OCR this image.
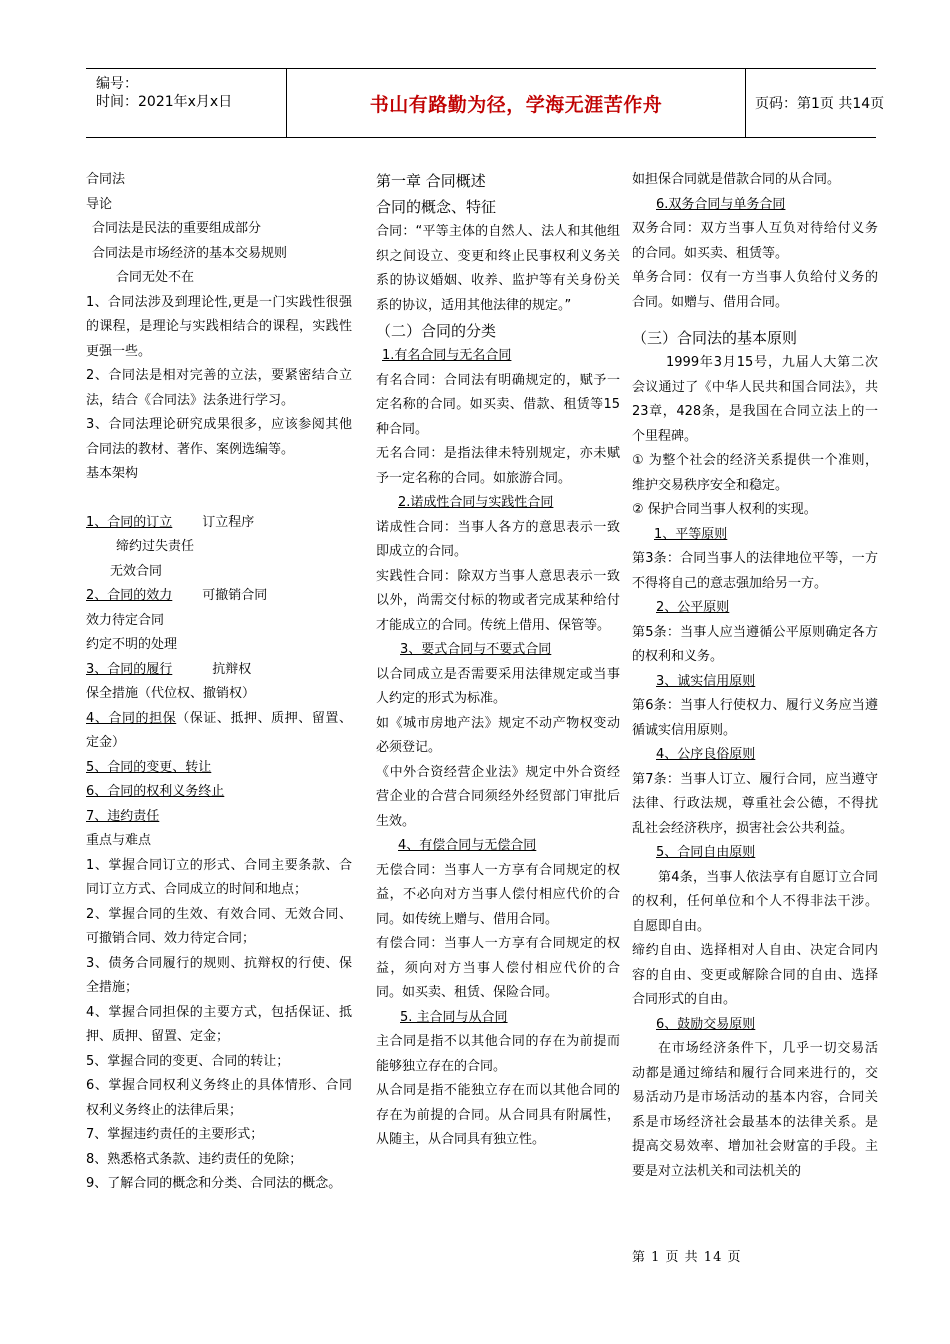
编号：
时间：2021年x月x日	书山有路勤为径，学海无涯苦作舟	页码：第1页 共14页

合同法

导论

合同法是民法的重要组成部分

合同法是市场经济的基本交易规则

合同无处不在

1、合同法涉及到理论性,更是一门实践性很强的课程，是理论与实践相结合的课程，实践性更强一些。

2、合同法是相对完善的立法，要紧密结合立法，结合《合同法》法条进行学习。

3、合同法理论研究成果很多，应该参阅其他合同法的教材、著作、案例选编等。

基本架构

1、合同的订立 订立程序

缔约过失责任

无效合同

2、合同的效力 可撤销合同

效力待定合同

约定不明的处理

3、合同的履行	抗辩权

保全措施（代位权、撤销权）

4、合同的担保（保证、抵押、质押、留置、定金）

5、合同的变更、转让

6、合同的权利义务终止

7、违约责任

重点与难点

1、掌握合同订立的形式、合同主要条款、合同订立方式、合同成立的时间和地点；

2、掌握合同的生效、有效合同、无效合同、可撤销合同、效力待定合同；

3、债务合同履行的规则、抗辩权的行使、保全措施；

4、掌握合同担保的主要方式，包括保证、抵押、质押、留置、定金；

5、掌握合同的变更、合同的转让；

6、掌握合同权利义务终止的具体情形、合同权利义务终止的法律后果；

7、掌握违约责任的主要形式；

8、熟悉格式条款、违约责任的免除；

9、了解合同的概念和分类、合同法的概念。

第一章 合同概述

合同的概念、特征

合同：“平等主体的自然人、法人和其他组织之间设立、变更和终止民事权利义务关系的协议婚姻、收养、监护等有关身份关系的协议，适用其他法律的规定。”

（二）合同的分类

1.有名合同与无名合同

有名合同：合同法有明确规定的，赋予一定名称的合同。如买卖、借款、租赁等15种合同。

无名合同：是指法律未特别规定，亦未赋予一定名称的合同。如旅游合同。

2.诺成性合同与实践性合同

诺成性合同：当事人各方的意思表示一致即成立的合同。

实践性合同：除双方当事人意思表示一致以外，尚需交付标的物或者完成某种给付才能成立的合同。传统上借用、保管等。

3、要式合同与不要式合同

以合同成立是否需要采用法律规定或当事人约定的形式为标准。

如《城市房地产法》规定不动产物权变动必须登记。

《中外合资经营企业法》规定中外合资经营企业的合营合同须经外经贸部门审批后生效。

4、有偿合同与无偿合同

无偿合同：当事人一方享有合同规定的权益，不必向对方当事人偿付相应代价的合同。如传统上赠与、借用合同。

有偿合同：当事人一方享有合同规定的权益，须向对方当事人偿付相应代价的合同。如买卖、租赁、保险合同。

5. 主合同与从合同

主合同是指不以其他合同的存在为前提而能够独立存在的合同。

从合同是指不能独立存在而以其他合同的存在为前提的合同。从合同具有附属性，从随主，从合同具有独立性。

如担保合同就是借款合同的从合同。

6.双务合同与单务合同

双务合同：双方当事人互负对待给付义务的合同。如买卖、租赁等。

单务合同：仅有一方当事人负给付义务的合同。如赠与、借用合同。

（三）合同法的基本原则

1999年3月15号，九届人大第二次会议通过了《中华人民共和国合同法》，共23章，428条，是我国在合同立法上的一个里程碑。

① 为整个社会的经济关系提供一个准则，维护交易秩序安全和稳定。

② 保护合同当事人权利的实现。

1、平等原则

第3条：合同当事人的法律地位平等，一方不得将自己的意志强加给另一方。

2、公平原则

第5条：当事人应当遵循公平原则确定各方的权利和义务。

3、诚实信用原则

第6条：当事人行使权力、履行义务应当遵循诚实信用原则。

4、公序良俗原则

第7条：当事人订立、履行合同，应当遵守法律、行政法规，尊重社会公德，不得扰乱社会经济秩序，损害社会公共利益。

5、合同自由原则

第4条，当事人依法享有自愿订立合同的权利，任何单位和个人不得非法干涉。自愿即自由。

缔约自由、选择相对人自由、决定合同内容的自由、变更或解除合同的自由、选择合同形式的自由。

6、鼓励交易原则

在市场经济条件下，几乎一切交易活动都是通过缔结和履行合同来进行的，交易活动乃是市场活动的基本内容，合同关系是市场经济社会最基本的法律关系。是提高交易效率、增加社会财富的手段。主要是对立法机关和司法机关的

第 1 页 共 14 页
